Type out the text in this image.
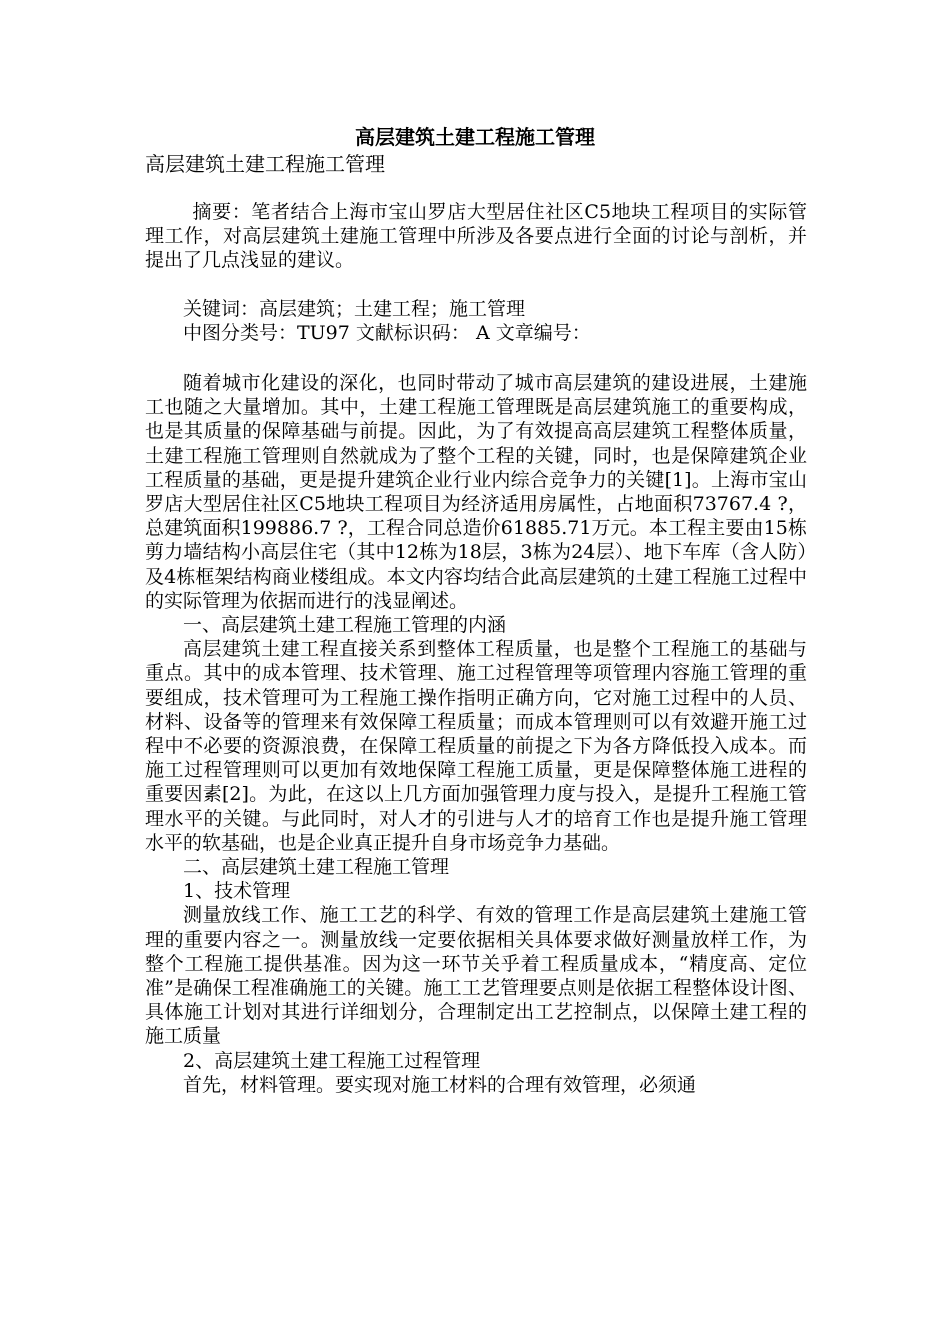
高层建筑土建工程施工管理
高层建筑土建工程施工管理

摘要：笔者结合上海市宝山罗店大型居住社区C5地块工程项目的实际管理工作，对高层建筑土建施工管理中所涉及各要点进行全面的讨论与剖析，并提出了几点浅显的建议。

关键词：高层建筑；土建工程；施工管理

中图分类号：TU97 文献标识码： A 文章编号：

随着城市化建设的深化，也同时带动了城市高层建筑的建设进展，土建施工也随之大量增加。其中，土建工程施工管理既是高层建筑施工的重要构成，也是其质量的保障基础与前提。因此，为了有效提高高层建筑工程整体质量，土建工程施工管理则自然就成为了整个工程的关键，同时，也是保障建筑企业工程质量的基础，更是提升建筑企业行业内综合竞争力的关键[1]。上海市宝山罗店大型居住社区C5地块工程项目为经济适用房属性，占地面积73767.4 ?，总建筑面积199886.7 ?，工程合同总造价61885.71万元。本工程主要由15栋剪力墙结构小高层住宅（其中12栋为18层，3栋为24层）、地下车库（含人防）及4栋框架结构商业楼组成。本文内容均结合此高层建筑的土建工程施工过程中的实际管理为依据而进行的浅显阐述。

一、高层建筑土建工程施工管理的内涵

高层建筑土建工程直接关系到整体工程质量，也是整个工程施工的基础与重点。其中的成本管理、技术管理、施工过程管理等项管理内容施工管理的重要组成，技术管理可为工程施工操作指明正确方向，它对施工过程中的人员、材料、设备等的管理来有效保障工程质量；而成本管理则可以有效避开施工过程中不必要的资源浪费，在保障工程质量的前提之下为各方降低投入成本。而施工过程管理则可以更加有效地保障工程施工质量，更是保障整体施工进程的重要因素[2]。为此，在这以上几方面加强管理力度与投入，是提升工程施工管理水平的关键。与此同时，对人才的引进与人才的培育工作也是提升施工管理水平的软基础，也是企业真正提升自身市场竞争力基础。

二、高层建筑土建工程施工管理

1、技术管理

测量放线工作、施工工艺的科学、有效的管理工作是高层建筑土建施工管理的重要内容之一。测量放线一定要依据相关具体要求做好测量放样工作，为整个工程施工提供基准。因为这一环节关乎着工程质量成本，“精度高、定位准”是确保工程准确施工的关键。施工工艺管理要点则是依据工程整体设计图、具体施工计划对其进行详细划分，合理制定出工艺控制点，以保障土建工程的施工质量

2、高层建筑土建工程施工过程管理

首先，材料管理。要实现对施工材料的合理有效管理，必须通
